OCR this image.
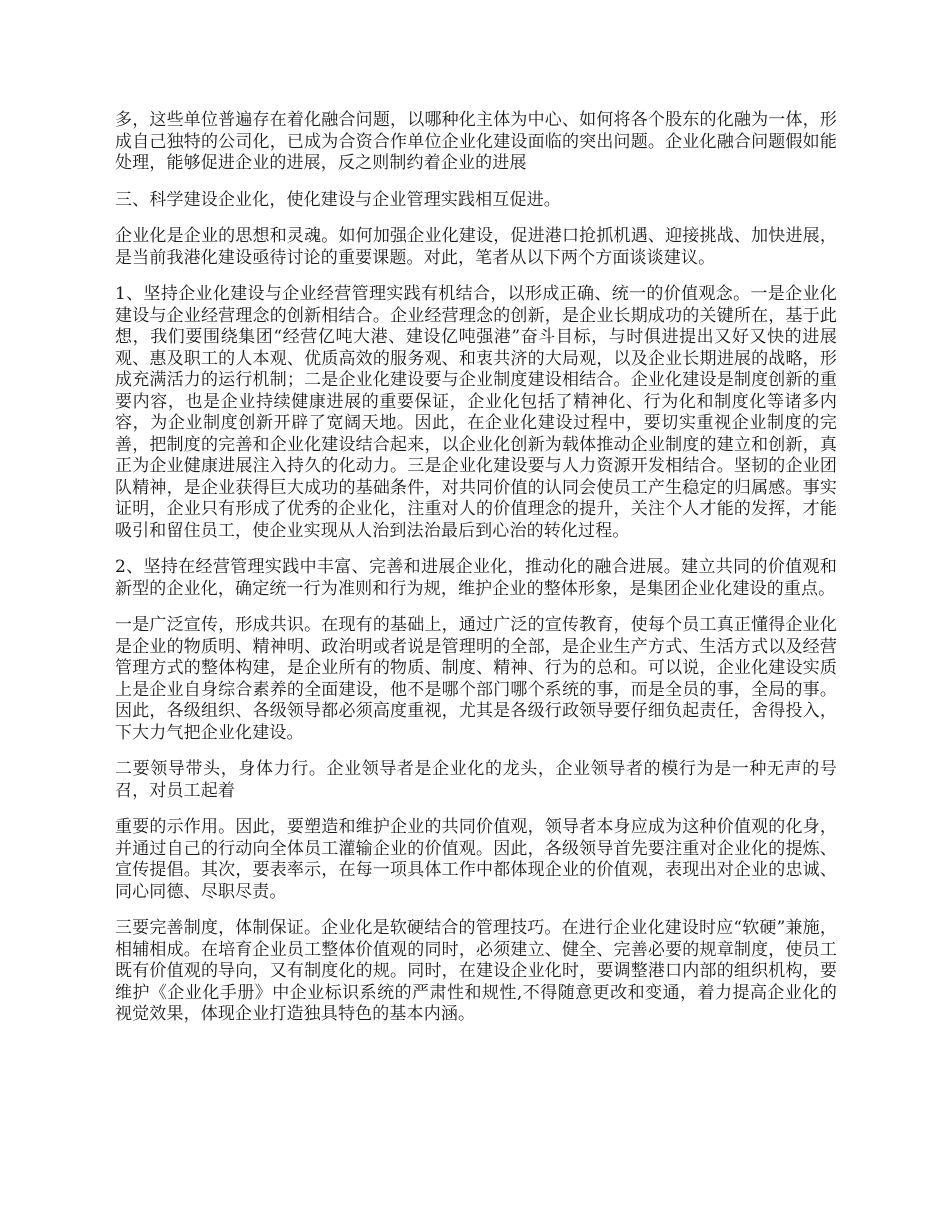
多，这些单位普遍存在着化融合问题，以哪种化主体为中心、如何将各个股东的化融为一体，形成自己独特的公司化，已成为合资合作单位企业化建设面临的突出问题。企业化融合问题假如能处理，能够促进企业的进展，反之则制约着企业的进展

三、科学建设企业化，使化建设与企业管理实践相互促进。

企业化是企业的思想和灵魂。如何加强企业化建设，促进港口抢抓机遇、迎接挑战、加快进展，是当前我港化建设亟待讨论的重要课题。对此，笔者从以下两个方面谈谈建议。

1、坚持企业化建设与企业经营管理实践有机结合，以形成正确、统一的价值观念。一是企业化建设与企业经营理念的创新相结合。企业经营理念的创新，是企业长期成功的关键所在，基于此想，我们要围绕集团“经营亿吨大港、建设亿吨强港”奋斗目标，与时俱进提出又好又快的进展观、惠及职工的人本观、优质高效的服务观、和衷共济的大局观，以及企业长期进展的战略，形成充满活力的运行机制；二是企业化建设要与企业制度建设相结合。企业化建设是制度创新的重要内容，也是企业持续健康进展的重要保证，企业化包括了精神化、行为化和制度化等诸多内容，为企业制度创新开辟了宽阔天地。因此，在企业化建设过程中，要切实重视企业制度的完善，把制度的完善和企业化建设结合起来，以企业化创新为载体推动企业制度的建立和创新，真正为企业健康进展注入持久的化动力。三是企业化建设要与人力资源开发相结合。坚韧的企业团队精神，是企业获得巨大成功的基础条件，对共同价值的认同会使员工产生稳定的归属感。事实证明，企业只有形成了优秀的企业化，注重对人的价值理念的提升，关注个人才能的发挥，才能吸引和留住员工，使企业实现从人治到法治最后到心治的转化过程。

2、坚持在经营管理实践中丰富、完善和进展企业化，推动化的融合进展。建立共同的价值观和新型的企业化，确定统一行为准则和行为规，维护企业的整体形象，是集团企业化建设的重点。

一是广泛宣传，形成共识。在现有的基础上，通过广泛的宣传教育，使每个员工真正懂得企业化是企业的物质明、精神明、政治明或者说是管理明的全部，是企业生产方式、生活方式以及经营管理方式的整体构建，是企业所有的物质、制度、精神、行为的总和。可以说，企业化建设实质上是企业自身综合素养的全面建设，他不是哪个部门哪个系统的事，而是全员的事，全局的事。因此，各级组织、各级领导都必须高度重视，尤其是各级行政领导要仔细负起责任，舍得投入，下大力气把企业化建设。

二要领导带头，身体力行。企业领导者是企业化的龙头，企业领导者的模行为是一种无声的号召，对员工起着

重要的示作用。因此，要塑造和维护企业的共同价值观，领导者本身应成为这种价值观的化身，并通过自己的行动向全体员工灌输企业的价值观。因此，各级领导首先要注重对企业化的提炼、宣传提倡。其次，要表率示，在每一项具体工作中都体现企业的价值观，表现出对企业的忠诚、同心同德、尽职尽责。

三要完善制度，体制保证。企业化是软硬结合的管理技巧。在进行企业化建设时应“软硬”兼施，相辅相成。在培育企业员工整体价值观的同时，必须建立、健全、完善必要的规章制度，使员工既有价值观的导向，又有制度化的规。同时，在建设企业化时，要调整港口内部的组织机构，要维护《企业化手册》中企业标识系统的严肃性和规性,不得随意更改和变通，着力提高企业化的视觉效果，体现企业打造独具特色的基本内涵。
